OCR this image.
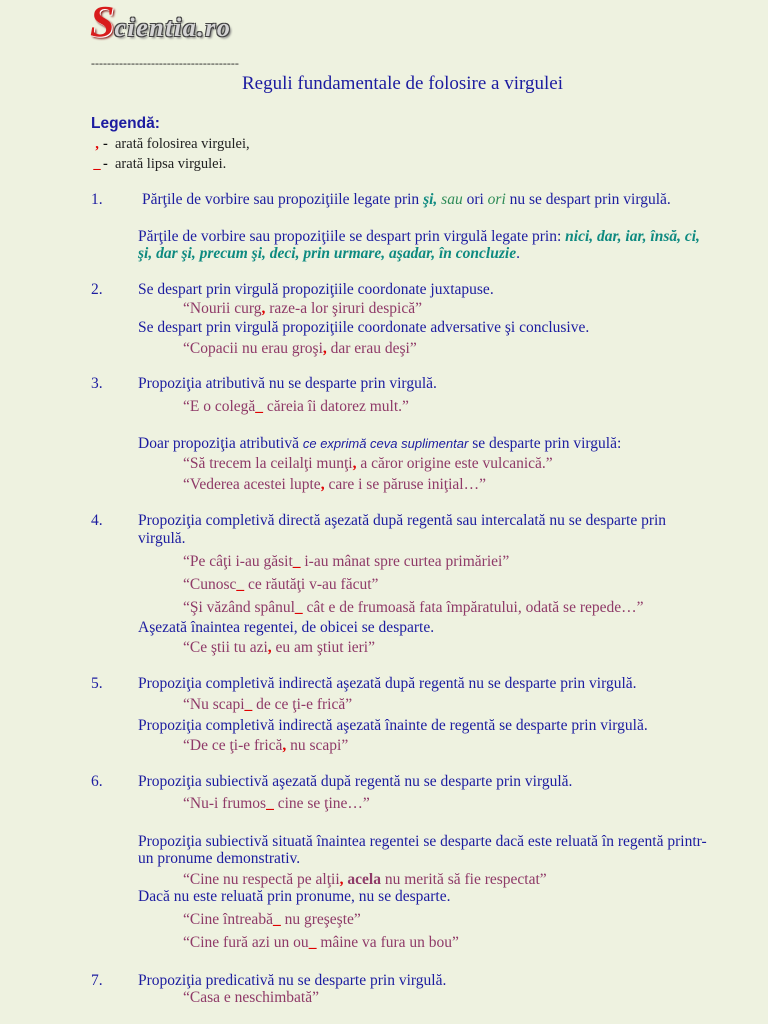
Scientia.ro
-------------------------------------
Reguli fundamentale de folosire a virgulei
Legendă:
, - arată folosirea virgulei,
_ - arată lipsa virgulei.
1.	Părţile de vorbire sau propoziţiile legate prin şi, sau ori ori nu se despart prin virgulă.
Părţile de vorbire sau propoziţiile se despart prin virgulă legate prin: nici, dar, iar, însă, ci,
şi, dar şi, precum şi, deci, prin urmare, aşadar, în concluzie.
2. Se despart prin virgulă propoziţiile coordonate juxtapuse.
“Nourii curg, raze-a lor şiruri despică”
Se despart prin virgulă propoziţiile coordonate adversative şi conclusive.
“Copacii nu erau groşi, dar erau deşi”
3. Propoziţia atributivă nu se desparte prin virgulă.
“E o colegă_ căreia îi datorez mult.”
Doar propoziţia atributivă ce exprimă ceva suplimentar se desparte prin virgulă:
“Să trecem la ceilalţi munţi, a căror origine este vulcanică.”
“Vederea acestei lupte, care i se păruse iniţial…”
4. Propoziţia completivă directă aşezată după regentă sau intercalată nu se desparte prin
virgulă.
“Pe câţi i-au găsit_ i-au mânat spre curtea primăriei”
“Cunosc_ ce răutăţi v-au făcut”
“Şi văzând spânul_ cât e de frumoasă fata împăratului, odată se repede…”
Aşezată înaintea regentei, de obicei se desparte.
“Ce ştii tu azi, eu am ştiut ieri”
5. Propoziţia completivă indirectă aşezată după regentă nu se desparte prin virgulă.
“Nu scapi_ de ce ţi-e frică”
Propoziţia completivă indirectă aşezată înainte de regentă se desparte prin virgulă.
“De ce ţi-e frică, nu scapi”
6. Propoziţia subiectivă aşezată după regentă nu se desparte prin virgulă.
“Nu-i frumos_ cine se ţine…”
Propoziţia subiectivă situată înaintea regentei se desparte dacă este reluată în regentă printr-
un pronume demonstrativ.
“Cine nu respectă pe alţii, acela nu merită să fie respectat”
Dacă nu este reluată prin pronume, nu se desparte.
“Cine întreabă_ nu greşeşte”
“Cine fură azi un ou_ mâine va fura un bou”
7. Propoziţia predicativă nu se desparte prin virgulă.
“Casa e neschimbată”
